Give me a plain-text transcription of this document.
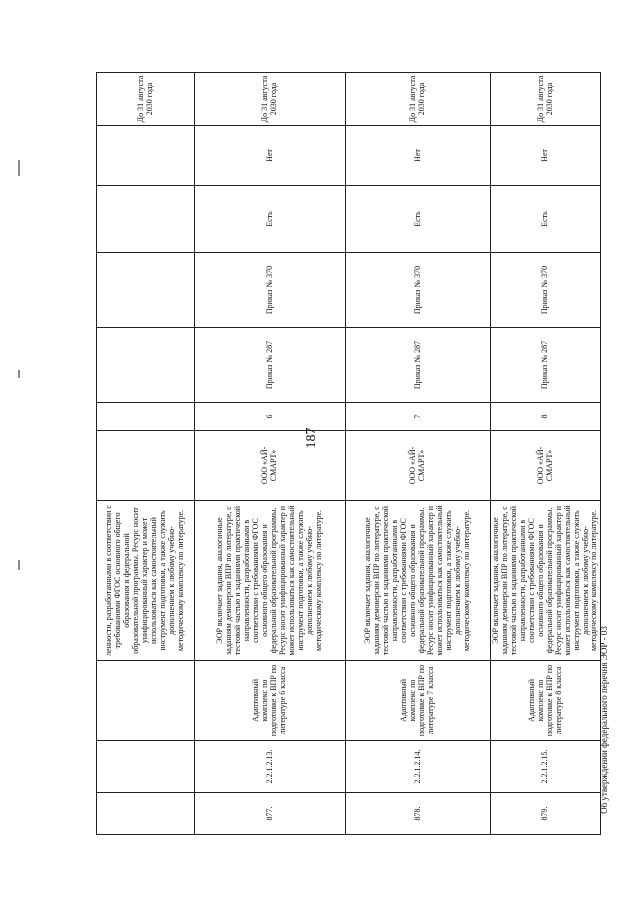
187
			ленности, разработанными в соответствии с требованиями ФГОС основного общего образования и федеральной образовательной программы. Ресурс носит унифицированный характер и может использоваться как самостоятельный инструмент подготовки, а также служить дополнением к любому учебно-методическому комплексу по литературе.							До 31 августа 2030 года
877.	2.2.1.2.13.	Адаптивный комплекс по подготовке к ВПР по литературе 6 класса	ЭОР включает задания, аналогичные заданиям демоверсии ВПР по литературе, с тестовой частью и заданиями практической направленности, разработанными в соответствии с требованиями ФГОС основного общего образования и федеральной образовательной программы. Ресурс носит унифицированный характер и может использоваться как самостоятельный инструмент подготовки, а также служить дополнением к любому учебно-методическому комплексу по литературе.	ООО «АЙ-СМАРТ»	6	Приказ № 287	Приказ № 370	Есть	Нет	До 31 августа 2030 года
878.	2.2.1.2.14.	Адаптивный комплекс по подготовке к ВПР по литературе 7 класса	ЭОР включает задания, аналогичные заданиям демоверсии ВПР по литературе, с тестовой частью и заданиями практической направленности, разработанными в соответствии с требованиями ФГОС основного общего образования и федеральной образовательной программы. Ресурс носит унифицированный характер и может использоваться как самостоятельный инструмент подготовки, а также служить дополнением к любому учебно-методическому комплексу по литературе.	ООО «АЙ-СМАРТ»	7	Приказ № 287	Приказ № 370	Есть	Нет	До 31 августа 2030 года
879.	2.2.1.2.15.	Адаптивный комплекс по подготовке к ВПР по литературе 8 класса	ЭОР включает задания, аналогичные заданиям демоверсии ВПР по литературе, с тестовой частью и заданиями практической направленности, разработанными в соответствии с требованиями ФГОС основного общего образования и федеральной образовательной программы. Ресурс носит унифицированный характер и может использоваться как самостоятельный инструмент подготовки, а также служить дополнением к любому учебно-методическому комплексу по литературе.	ООО «АЙ-СМАРТ»	8	Приказ № 287	Приказ № 370	Есть	Нет	До 31 августа 2030 года
Об утверждении федерального перечня ЭОР - 03
